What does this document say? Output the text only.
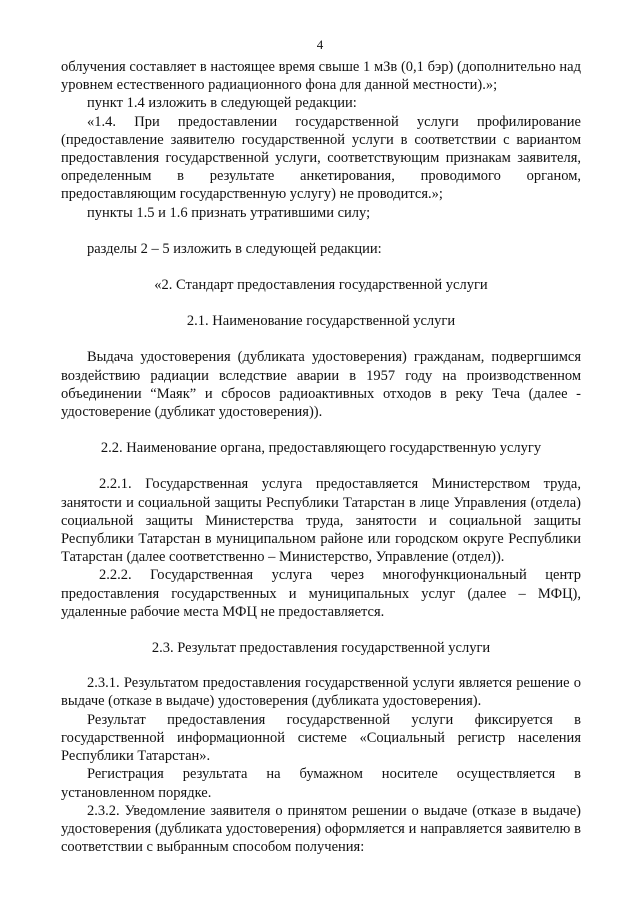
4

облучения составляет в настоящее время свыше 1 мЗв (0,1 бэр) (дополнительно над уровнем естественного радиационного фона для данной местности).»;

пункт 1.4 изложить в следующей редакции:

«1.4. При предоставлении государственной услуги профилирование (предоставление заявителю государственной услуги в соответствии с вариантом предоставления государственной услуги, соответствующим признакам заявителя, определенным в результате анкетирования, проводимого органом, предоставляющим государственную услугу) не проводится.»;

пункты 1.5 и 1.6 признать утратившими силу;

разделы 2 – 5 изложить в следующей редакции:

«2. Стандарт предоставления государственной услуги

2.1. Наименование государственной услуги

Выдача удостоверения (дубликата удостоверения) гражданам, подвергшимся воздействию радиации вследствие аварии в 1957 году на производственном объединении “Маяк” и сбросов радиоактивных отходов в реку Теча (далее - удостоверение (дубликат удостоверения)).

2.2. Наименование органа, предоставляющего государственную услугу

2.2.1. Государственная услуга предоставляется Министерством труда, занятости и социальной защиты Республики Татарстан в лице Управления (отдела) социальной защиты Министерства труда, занятости и социальной защиты Республики Татарстан в муниципальном районе или городском округе Республики Татарстан (далее соответственно – Министерство, Управление (отдел)).

2.2.2. Государственная услуга через многофункциональный центр предоставления государственных и муниципальных услуг (далее – МФЦ), удаленные рабочие места МФЦ не предоставляется.

2.3. Результат предоставления государственной услуги

2.3.1. Результатом предоставления государственной услуги является решение о выдаче (отказе в выдаче) удостоверения (дубликата удостоверения).

Результат предоставления государственной услуги фиксируется в государственной информационной системе «Социальный регистр населения Республики Татарстан».

Регистрация результата на бумажном носителе осуществляется в установленном порядке.

2.3.2. Уведомление заявителя о принятом решении о выдаче (отказе в выдаче) удостоверения (дубликата удостоверения) оформляется и направляется заявителю в соответствии с выбранным способом получения:
